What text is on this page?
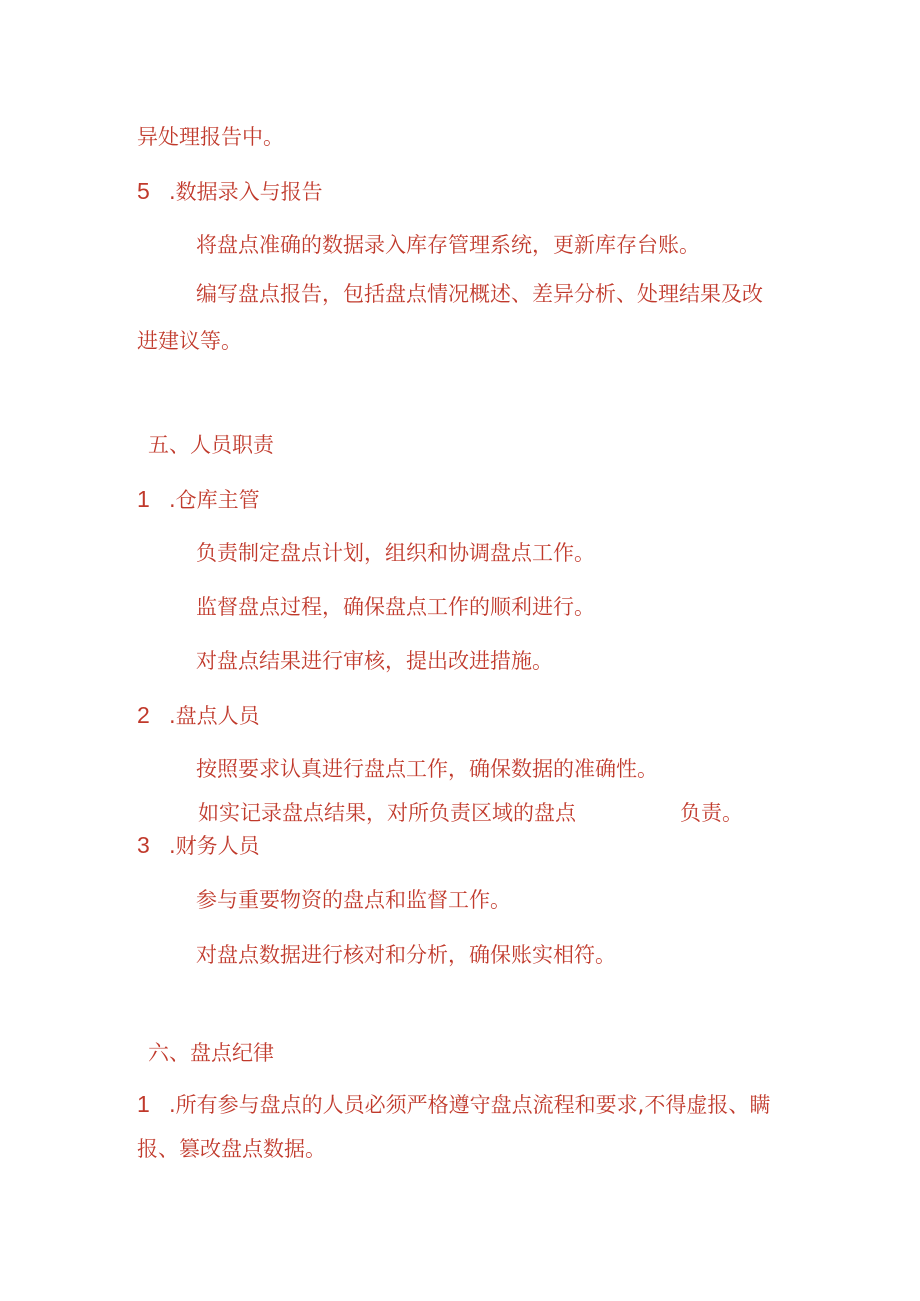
异处理报告中。
5 .数据录入与报告
将盘点准确的数据录入库存管理系统，更新库存台账。
编写盘点报告，包括盘点情况概述、差异分析、处理结果及改
进建议等。
五、人员职责
1 .仓库主管
负责制定盘点计划，组织和协调盘点工作。
监督盘点过程，确保盘点工作的顺利进行。
对盘点结果进行审核，提出改进措施。
2 .盘点人员
按照要求认真进行盘点工作，确保数据的准确性。
如实记录盘点结果，对所负责区域的盘点	负责。
3 .财务人员
参与重要物资的盘点和监督工作。
对盘点数据进行核对和分析，确保账实相符。
六、盘点纪律
1 .所有参与盘点的人员必须严格遵守盘点流程和要求,不得虚报、瞒
报、篡改盘点数据。
